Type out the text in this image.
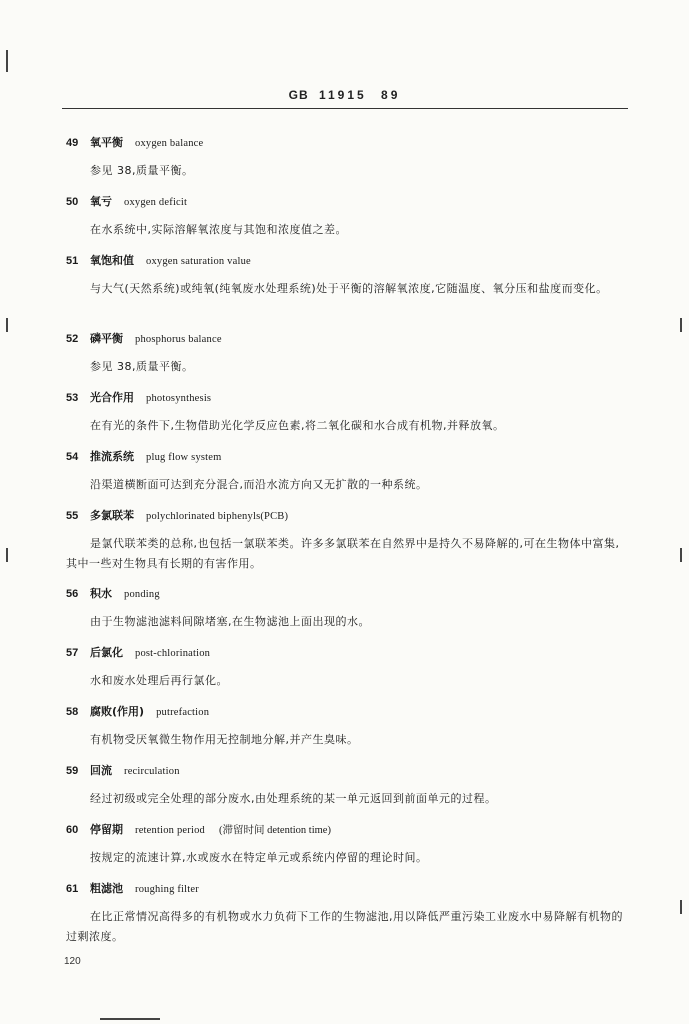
GB 11915 89
49 氧平衡 oxygen balance
参见 38,质量平衡。
50 氧亏 oxygen deficit
在水系统中,实际溶解氧浓度与其饱和浓度值之差。
51 氧饱和值 oxygen saturation value
与大气(天然系统)或纯氧(纯氧废水处理系统)处于平衡的溶解氧浓度,它随温度、氧分压和盐度而变化。
52 磷平衡 phosphorus balance
参见 38,质量平衡。
53 光合作用 photosynthesis
在有光的条件下,生物借助光化学反应色素,将二氧化碳和水合成有机物,并释放氧。
54 推流系统 plug flow system
沿渠道横断面可达到充分混合,而沿水流方向又无扩散的一种系统。
55 多氯联苯 polychlorinated biphenyls(PCB)
是氯代联苯类的总称,也包括一氯联苯类。许多多氯联苯在自然界中是持久不易降解的,可在生物体中富集,其中一些对生物具有长期的有害作用。
56 积水 ponding
由于生物滤池滤料间隙堵塞,在生物滤池上面出现的水。
57 后氯化 post-chlorination
水和废水处理后再行氯化。
58 腐败(作用) putrefaction
有机物受厌氧微生物作用无控制地分解,并产生臭味。
59 回流 recirculation
经过初级或完全处理的部分废水,由处理系统的某一单元返回到前面单元的过程。
60 停留期 retention period (滞留时间 detention time)
按规定的流速计算,水或废水在特定单元或系统内停留的理论时间。
61 粗滤池 roughing filter
在比正常情况高得多的有机物或水力负荷下工作的生物滤池,用以降低严重污染工业废水中易降解有机物的过剩浓度。
120
